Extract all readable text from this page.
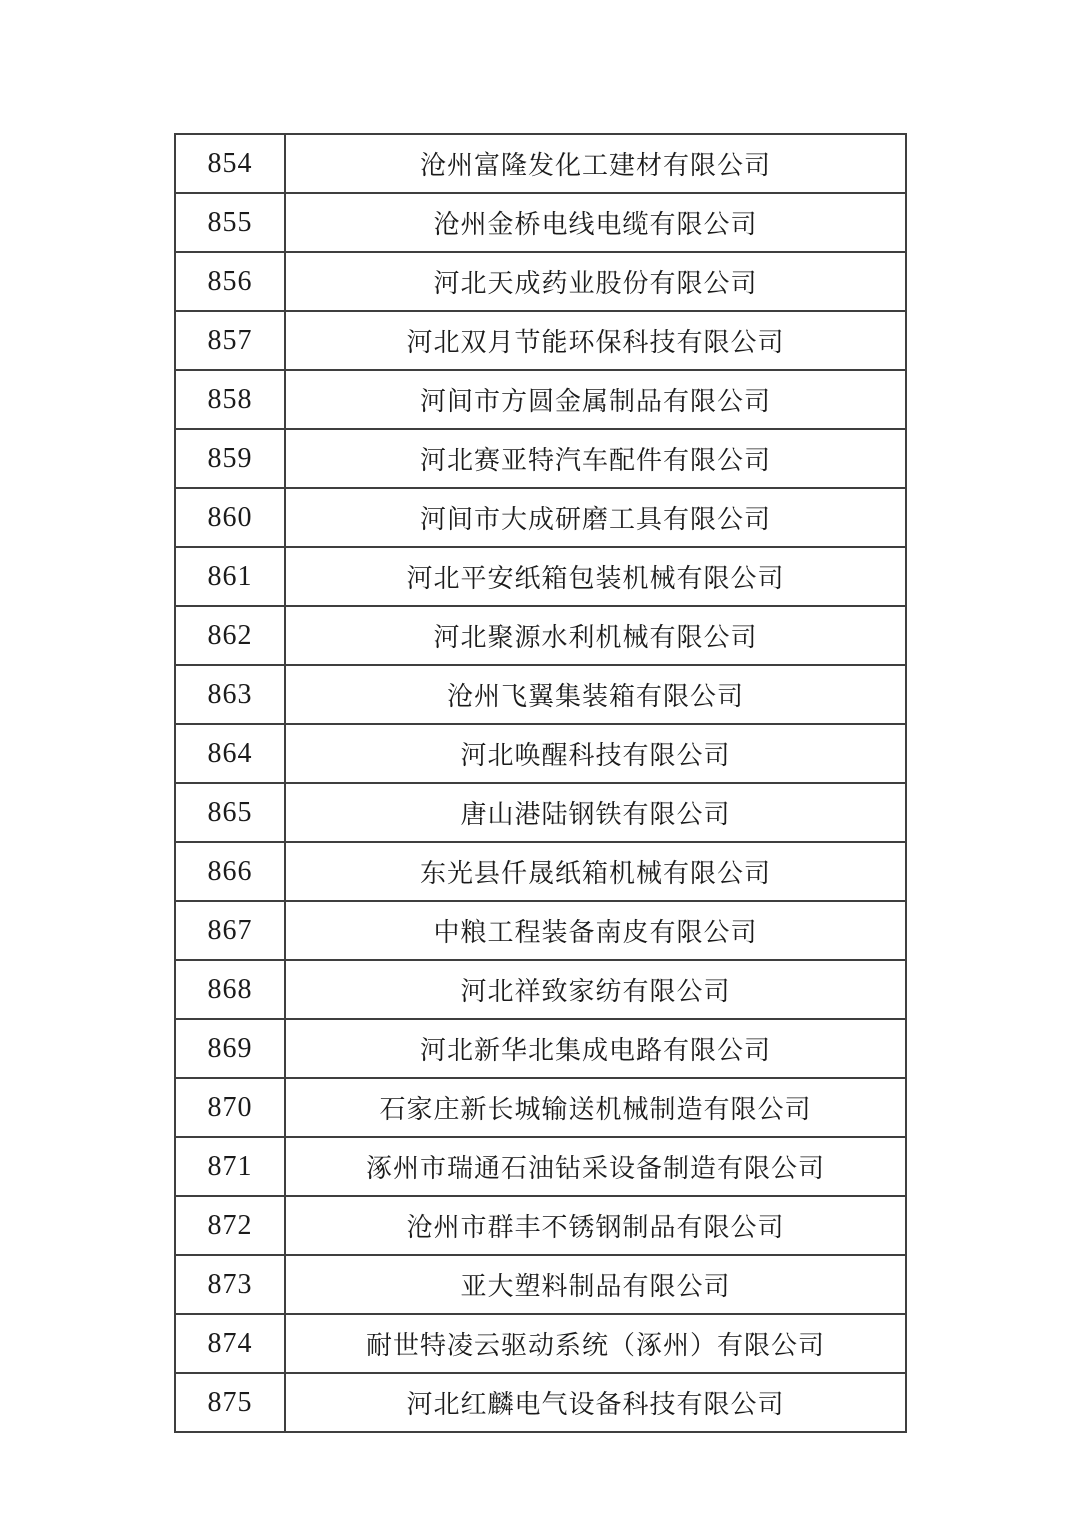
854	沧州富隆发化工建材有限公司
855	沧州金桥电线电缆有限公司
856	河北天成药业股份有限公司
857	河北双月节能环保科技有限公司
858	河间市方圆金属制品有限公司
859	河北赛亚特汽车配件有限公司
860	河间市大成研磨工具有限公司
861	河北平安纸箱包装机械有限公司
862	河北聚源水利机械有限公司
863	沧州飞翼集装箱有限公司
864	河北唤醒科技有限公司
865	唐山港陆钢铁有限公司
866	东光县仟晟纸箱机械有限公司
867	中粮工程装备南皮有限公司
868	河北祥致家纺有限公司
869	河北新华北集成电路有限公司
870	石家庄新长城输送机械制造有限公司
871	涿州市瑞通石油钻采设备制造有限公司
872	沧州市群丰不锈钢制品有限公司
873	亚大塑料制品有限公司
874	耐世特凌云驱动系统（涿州）有限公司
875	河北红麟电气设备科技有限公司
